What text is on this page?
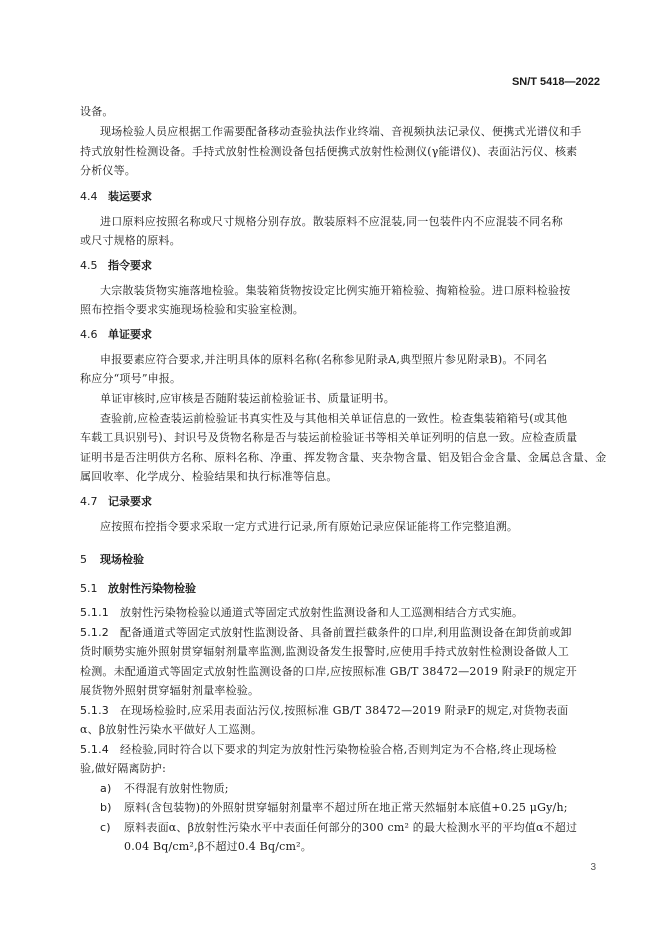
SN/T 5418—2022
设备。
现场检验人员应根据工作需要配备移动查验执法作业终端、音视频执法记录仪、便携式光谱仪和手
持式放射性检测设备。手持式放射性检测设备包括便携式放射性检测仪(γ能谱仪)、表面沾污仪、核素
分析仪等。
4.4 装运要求
进口原料应按照名称或尺寸规格分别存放。散装原料不应混装,同一包装件内不应混装不同名称
或尺寸规格的原料。
4.5 指令要求
大宗散装货物实施落地检验。集装箱货物按设定比例实施开箱检验、掏箱检验。进口原料检验按
照布控指令要求实施现场检验和实验室检测。
4.6 单证要求
申报要素应符合要求,并注明具体的原料名称(名称参见附录A,典型照片参见附录B)。不同名
称应分“项号”申报。
单证审核时,应审核是否随附装运前检验证书、质量证明书。
查验前,应检查装运前检验证书真实性及与其他相关单证信息的一致性。检查集装箱箱号(或其他
车载工具识别号)、封识号及货物名称是否与装运前检验证书等相关单证列明的信息一致。应检查质量
证明书是否注明供方名称、原料名称、净重、挥发物含量、夹杂物含量、铝及铝合金含量、金属总含量、金
属回收率、化学成分、检验结果和执行标准等信息。
4.7 记录要求
应按照布控指令要求采取一定方式进行记录,所有原始记录应保证能将工作完整追溯。
5 现场检验
5.1 放射性污染物检验
5.1.1 放射性污染物检验以通道式等固定式放射性监测设备和人工巡测相结合方式实施。
5.1.2 配备通道式等固定式放射性监测设备、具备前置拦截条件的口岸,利用监测设备在卸货前或卸
货时顺势实施外照射贯穿辐射剂量率监测,监测设备发生报警时,应使用手持式放射性检测设备做人工
检测。未配通道式等固定式放射性监测设备的口岸,应按照标准 GB/T 38472—2019 附录F的规定开
展货物外照射贯穿辐射剂量率检验。
5.1.3 在现场检验时,应采用表面沾污仪,按照标准 GB/T 38472—2019 附录F的规定,对货物表面
α、β放射性污染水平做好人工巡测。
5.1.4 经检验,同时符合以下要求的判定为放射性污染物检验合格,否则判定为不合格,终止现场检
验,做好隔离防护:
a) 不得混有放射性物质;
b) 原料(含包装物)的外照射贯穿辐射剂量率不超过所在地正常天然辐射本底值+0.25 μGy/h;
c) 原料表面α、β放射性污染水平中表面任何部分的300 cm² 的最大检测水平的平均值α不超过
0.04 Bq/cm²,β不超过0.4 Bq/cm²。
3
